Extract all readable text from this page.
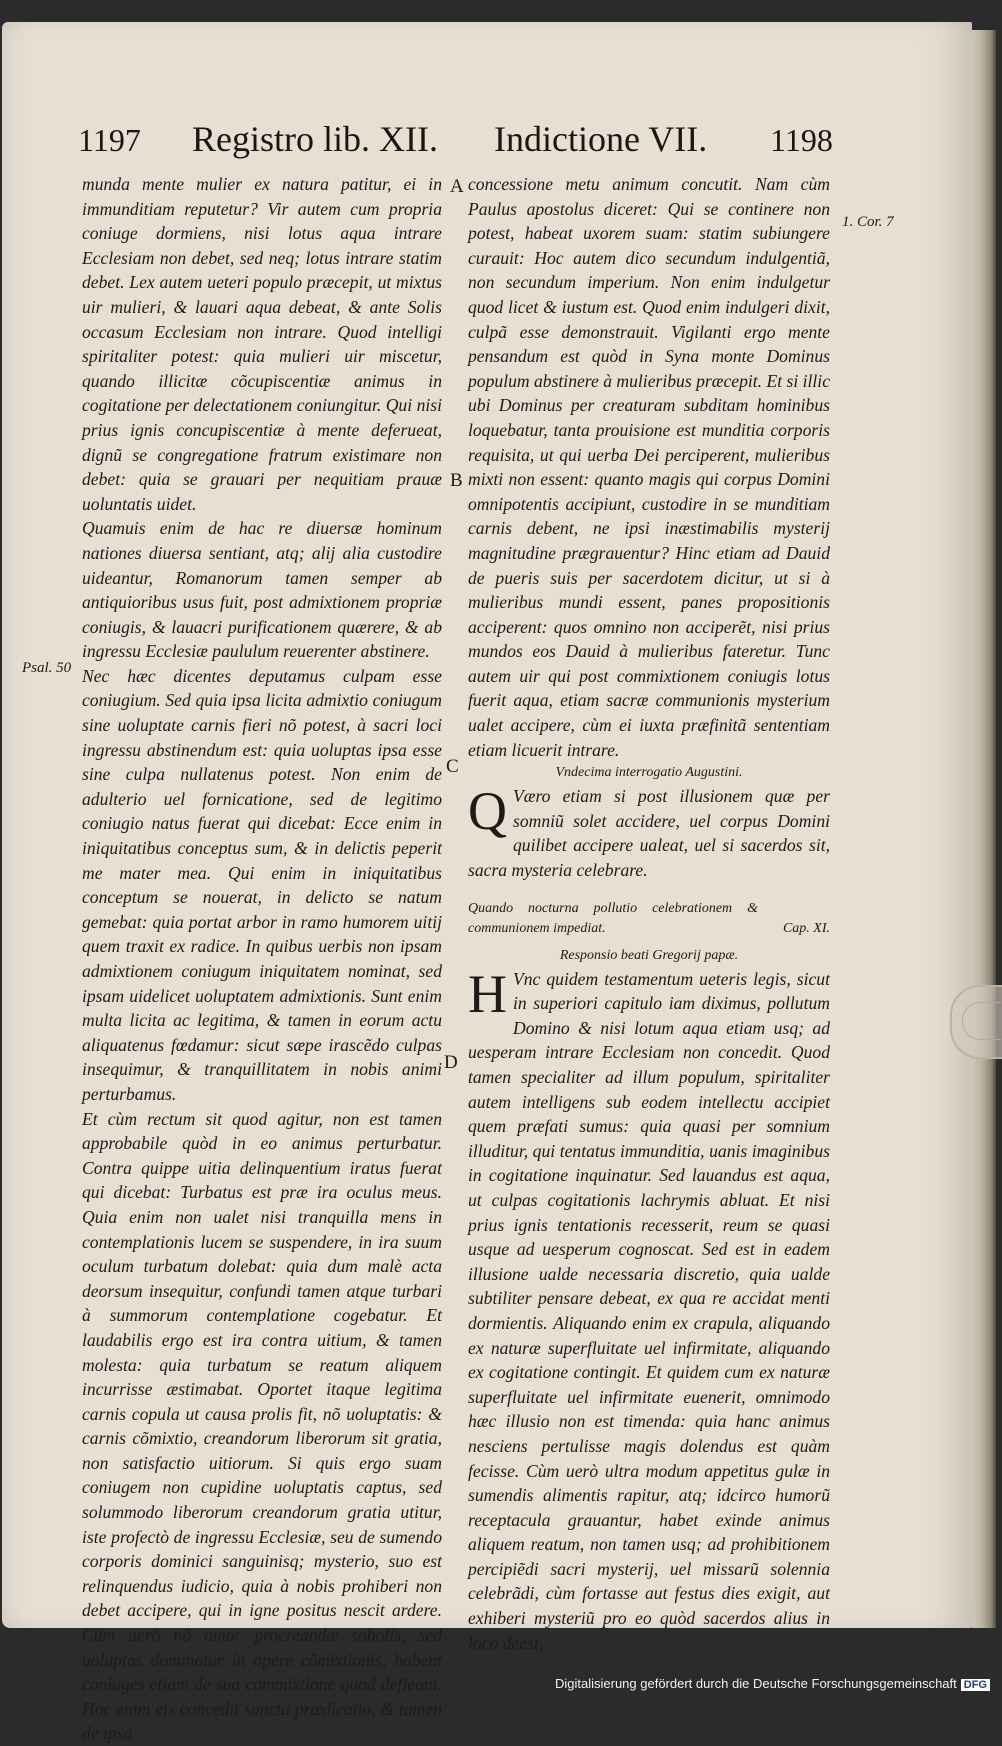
1197 Registro lib. XII. Indictione VII. 1198
A
B
C
D
Psal. 50
1. Cor. 7

munda mente mulier ex natura patitur, ei in immunditiam reputetur? Vir autem cum propria coniuge dormiens, nisi lotus aqua intrare Ecclesiam non debet, sed neq; lotus intrare statim debet. Lex autem ueteri populo præcepit, ut mixtus uir mulieri, & lauari aqua debeat, & ante Solis occasum Ecclesiam non intrare. Quod intelligi spiritaliter potest: quia mulieri uir miscetur, quando illicitæ cõcupiscentiæ animus in cogitatione per delectationem coniungitur. Qui nisi prius ignis concupiscentiæ à mente deferueat, dignũ se congregatione fratrum existimare non debet: quia se grauari per nequitiam prauæ uoluntatis uidet.

Quamuis enim de hac re diuersæ hominum nationes diuersa sentiant, atq; alij alia custodire uideantur, Romanorum tamen semper ab antiquioribus usus fuit, post admixtionem propriæ coniugis, & lauacri purificationem quærere, & ab ingressu Ecclesiæ paululum reuerenter abstinere.

Nec hæc dicentes deputamus culpam esse coniugium. Sed quia ipsa licita admixtio coniugum sine uoluptate carnis fieri nõ potest, à sacri loci ingressu abstinendum est: quia uoluptas ipsa esse sine culpa nullatenus potest. Non enim de adulterio uel fornicatione, sed de legitimo coniugio natus fuerat qui dicebat: Ecce enim in iniquitatibus conceptus sum, & in delictis peperit me mater mea. Qui enim in iniquitatibus conceptum se nouerat, in delicto se natum gemebat: quia portat arbor in ramo humorem uitij quem traxit ex radice. In quibus uerbis non ipsam admixtionem coniugum iniquitatem nominat, sed ipsam uidelicet uoluptatem admixtionis. Sunt enim multa licita ac legitima, & tamen in eorum actu aliquatenus fœdamur: sicut sæpe irascẽdo culpas insequimur, & tranquillitatem in nobis animi perturbamus.

Et cùm rectum sit quod agitur, non est tamen approbabile quòd in eo animus perturbatur. Contra quippe uitia delinquentium iratus fuerat qui dicebat: Turbatus est præ ira oculus meus. Quia enim non ualet nisi tranquilla mens in contemplationis lucem se suspendere, in ira suum oculum turbatum dolebat: quia dum malè acta deorsum insequitur, confundi tamen atque turbari à summorum contemplatione cogebatur. Et laudabilis ergo est ira contra uitium, & tamen molesta: quia turbatum se reatum aliquem incurrisse æstimabat. Oportet itaque legitima carnis copula ut causa prolis fit, nõ uoluptatis: & carnis cõmixtio, creandorum liberorum sit gratia, non satisfactio uitiorum. Si quis ergo suam coniugem non cupidine uoluptatis captus, sed solummodo liberorum creandorum gratia utitur, iste profectò de ingressu Ecclesiæ, seu de sumendo corporis dominici sanguinisq; mysterio, suo est relinquendus iudicio, quia à nobis prohiberi non debet accipere, qui in igne positus nescit ardere. Cùm uerò nõ amor procreandæ sobolis, sed uoluptas dominatur in opere cõmixtionis, habent coniuges etiam de sua commixtione quod defleant. Hoc enim eis concedit sancta prædicatio, & tamen de ipsa

concessione metu animum concutit. Nam cùm Paulus apostolus diceret: Qui se continere non potest, habeat uxorem suam: statim subiungere curauit: Hoc autem dico secundum indulgentiã, non secundum imperium. Non enim indulgetur quod licet & iustum est. Quod enim indulgeri dixit, culpã esse demonstrauit. Vigilanti ergo mente pensandum est quòd in Syna monte Dominus populum abstinere à mulieribus præcepit. Et si illic ubi Dominus per creaturam subditam hominibus loquebatur, tanta prouisione est munditia corporis requisita, ut qui uerba Dei perciperent, mulieribus mixti non essent: quanto magis qui corpus Domini omnipotentis accipiunt, custodire in se munditiam carnis debent, ne ipsi inæstimabilis mysterij magnitudine prægrauentur? Hinc etiam ad Dauid de pueris suis per sacerdotem dicitur, ut si à mulieribus mundi essent, panes propositionis acciperent: quos omnino non acciperẽt, nisi prius mundos eos Dauid à mulieribus fateretur. Tunc autem uir qui post commixtionem coniugis lotus fuerit aqua, etiam sacræ communionis mysterium ualet accipere, cùm ei iuxta præfinitã sententiam etiam licuerit intrare.

Vndecima interrogatio Augustini.

Q Væro etiam si post illusionem quæ per somniũ solet accidere, uel corpus Domini quilibet accipere ualeat, uel si sacerdos sit, sacra mysteria celebrare.

Quando nocturna pollutio celebrationem & communionem impediat.	Cap. XI.

Responsio beati Gregorij papæ.

H Vnc quidem testamentum ueteris legis, sicut in superiori capitulo iam diximus, pollutum Domino & nisi lotum aqua etiam usq; ad uesperam intrare Ecclesiam non concedit. Quod tamen specialiter ad illum populum, spiritaliter autem intelligens sub eodem intellectu accipiet quem præfati sumus: quia quasi per somnium illuditur, qui tentatus immunditia, uanis imaginibus in cogitatione inquinatur. Sed lauandus est aqua, ut culpas cogitationis lachrymis abluat. Et nisi prius ignis tentationis recesserit, reum se quasi usque ad uesperum cognoscat. Sed est in eadem illusione ualde necessaria discretio, quia ualde subtiliter pensare debeat, ex qua re accidat menti dormientis. Aliquando enim ex crapula, aliquando ex naturæ superfluitate uel infirmitate, aliquando ex cogitatione contingit. Et quidem cum ex naturæ superfluitate uel infirmitate euenerit, omnimodo hæc illusio non est timenda: quia hanc animus nesciens pertulisse magis dolendus est quàm fecisse. Cùm uerò ultra modum appetitus gulæ in sumendis alimentis rapitur, atq; idcirco humorũ receptacula grauantur, habet exinde animus aliquem reatum, non tamen usq; ad prohibitionem percipiẽdi sacri mysterij, uel missarũ solennia celebrãdi, cùm fortasse aut festus dies exigit, aut exhiberi mysteriũ pro eo quòd sacerdos alius in loco deest,

Digitalisierung gefördert durch die Deutsche Forschungsgemeinschaft DFG
